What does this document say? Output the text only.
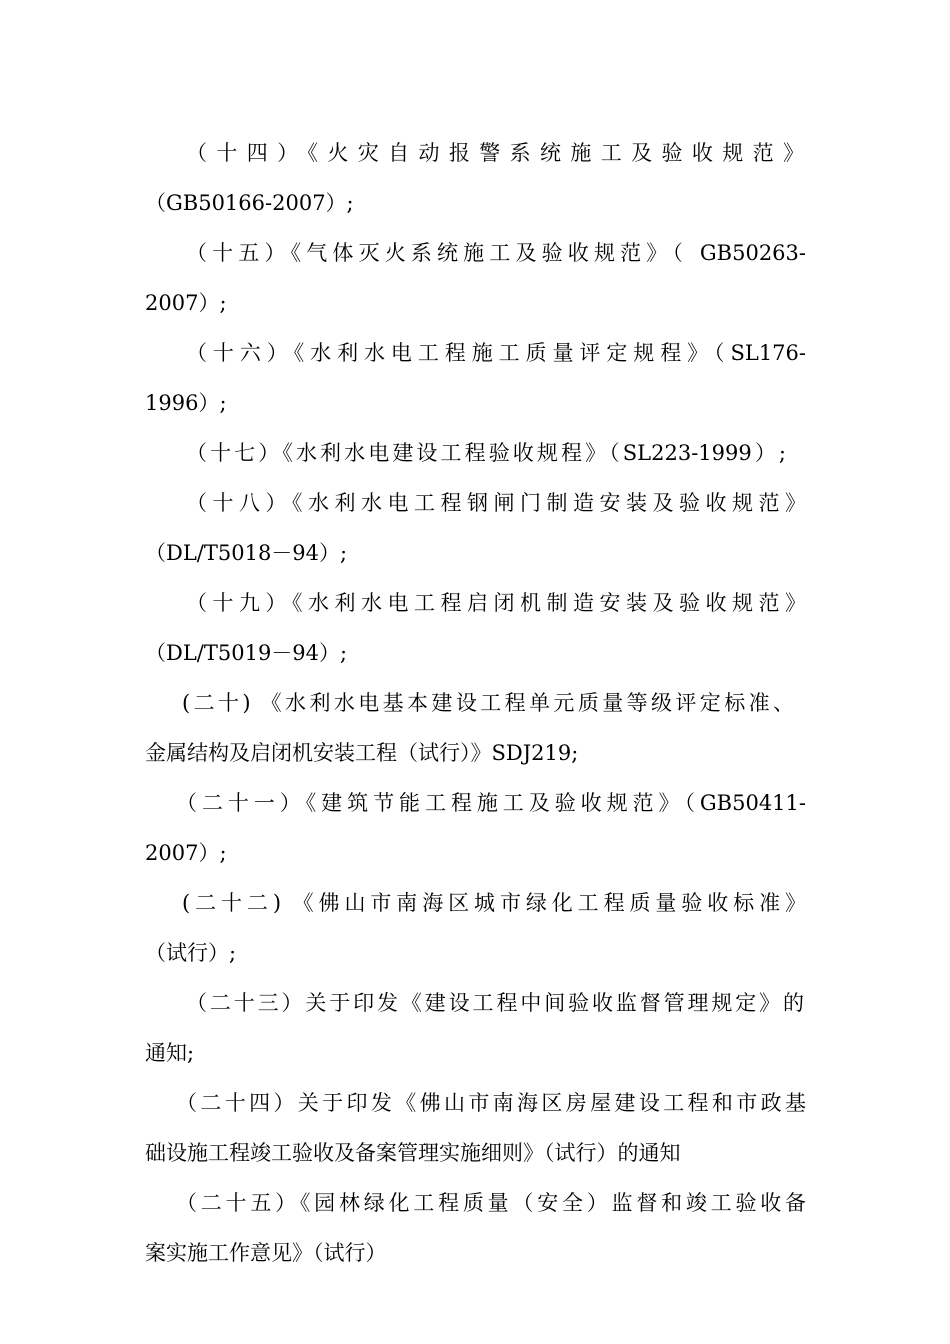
（十四）《火灾自动报警系统施工及验收规范》
（GB50166-2007）;
（十五）《气体灭火系统施工及验收规范》（ GB50263-
2007）;
（十六）《水利水电工程施工质量评定规程》（SL176-
1996）;
（十七）《水利水电建设工程验收规程》（SL223-1999）;
（十八）《水利水电工程钢闸门制造安装及验收规范》
（DL/T5018－94）;
（十九）《水利水电工程启闭机制造安装及验收规范》
（DL/T5019－94）;
(二十) 《水利水电基本建设工程单元质量等级评定标准、
金属结构及启闭机安装工程（试行）》SDJ219;
（二十一）《建筑节能工程施工及验收规范》（GB50411-
2007）;
(二十二) 《佛山市南海区城市绿化工程质量验收标准》
（试行）;
（二十三）关于印发《建设工程中间验收监督管理规定》的
通知;
（二十四）关于印发《佛山市南海区房屋建设工程和市政基
础设施工程竣工验收及备案管理实施细则》（试行）的通知
（二十五）《园林绿化工程质量（安全）监督和竣工验收备
案实施工作意见》（试行）
